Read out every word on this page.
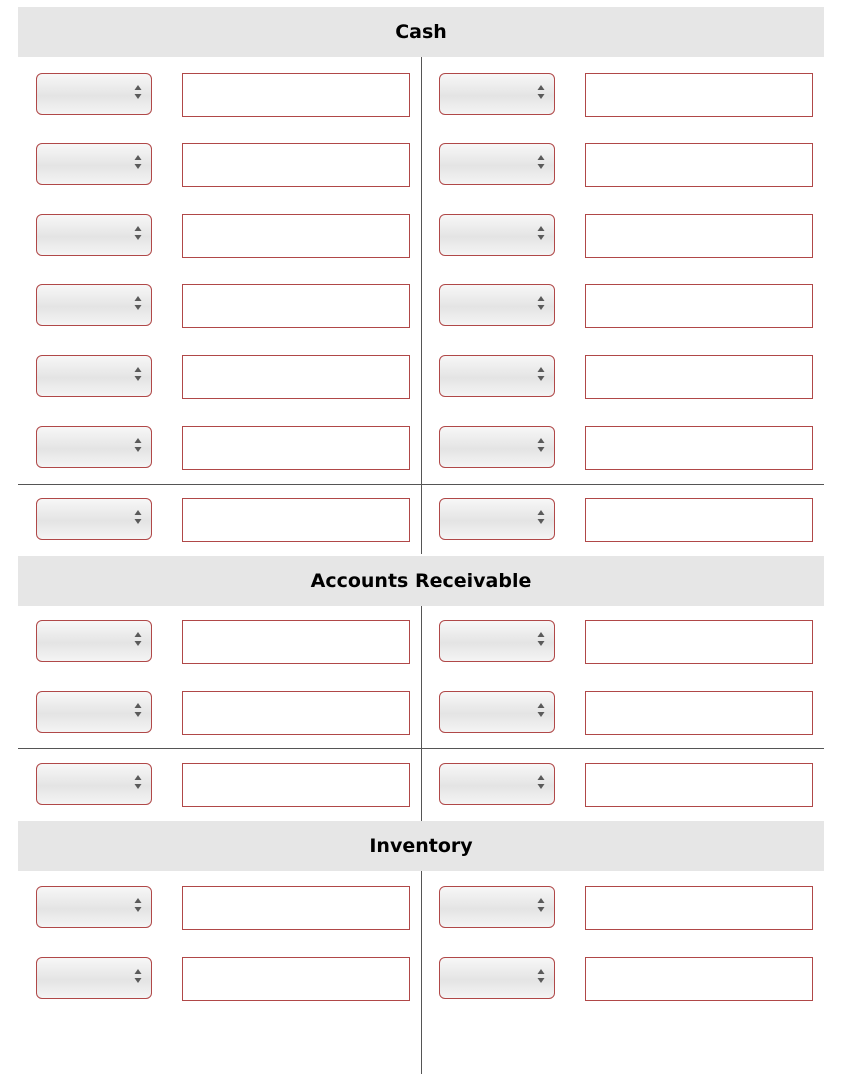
Cash
Accounts Receivable
Inventory
